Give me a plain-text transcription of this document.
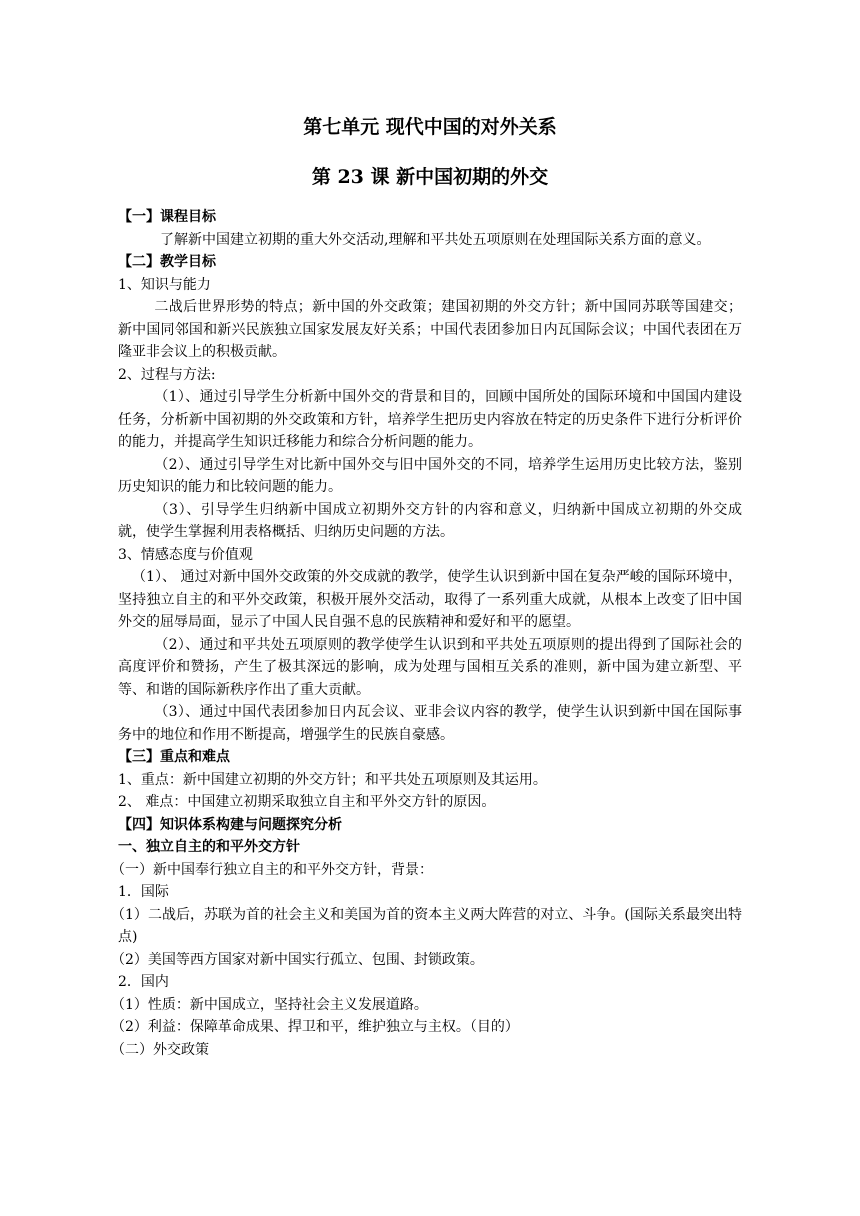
第七单元 现代中国的对外关系
第 23 课 新中国初期的外交

【一】课程目标

了解新中国建立初期的重大外交活动,理解和平共处五项原则在处理国际关系方面的意义。

【二】教学目标

1、知识与能力

二战后世界形势的特点；新中国的外交政策；建国初期的外交方针；新中国同苏联等国建交；新中国同邻国和新兴民族独立国家发展友好关系；中国代表团参加日内瓦国际会议；中国代表团在万隆亚非会议上的积极贡献。

2、过程与方法:

（1）、通过引导学生分析新中国外交的背景和目的，回顾中国所处的国际环境和中国国内建设任务，分析新中国初期的外交政策和方针，培养学生把历史内容放在特定的历史条件下进行分析评价的能力，并提高学生知识迁移能力和综合分析问题的能力。

（2）、通过引导学生对比新中国外交与旧中国外交的不同，培养学生运用历史比较方法，鉴别历史知识的能力和比较问题的能力。

（3）、引导学生归纳新中国成立初期外交方针的内容和意义，归纳新中国成立初期的外交成就，使学生掌握利用表格概括、归纳历史问题的方法。

3、情感态度与价值观

（1）、 通过对新中国外交政策的外交成就的教学，使学生认识到新中国在复杂严峻的国际环境中，坚持独立自主的和平外交政策，积极开展外交活动，取得了一系列重大成就，从根本上改变了旧中国外交的屈辱局面，显示了中国人民自强不息的民族精神和爱好和平的愿望。

（2）、通过和平共处五项原则的教学使学生认识到和平共处五项原则的提出得到了国际社会的高度评价和赞扬，产生了极其深远的影响，成为处理与国相互关系的准则，新中国为建立新型、平等、和谐的国际新秩序作出了重大贡献。

（3）、通过中国代表团参加日内瓦会议、亚非会议内容的教学，使学生认识到新中国在国际事务中的地位和作用不断提高，增强学生的民族自豪感。

【三】重点和难点

1、重点：新中国建立初期的外交方针；和平共处五项原则及其运用。

2、 难点：中国建立初期采取独立自主和平外交方针的原因。

【四】知识体系构建与问题探究分析

一、独立自主的和平外交方针

（一）新中国奉行独立自主的和平外交方针，背景：

1．国际

（1）二战后，苏联为首的社会主义和美国为首的资本主义两大阵营的对立、斗争。(国际关系最突出特点)

（2）美国等西方国家对新中国实行孤立、包围、封锁政策。

2．国内

（1）性质：新中国成立，坚持社会主义发展道路。

（2）利益：保障革命成果、捍卫和平，维护独立与主权。（目的）

（二）外交政策
